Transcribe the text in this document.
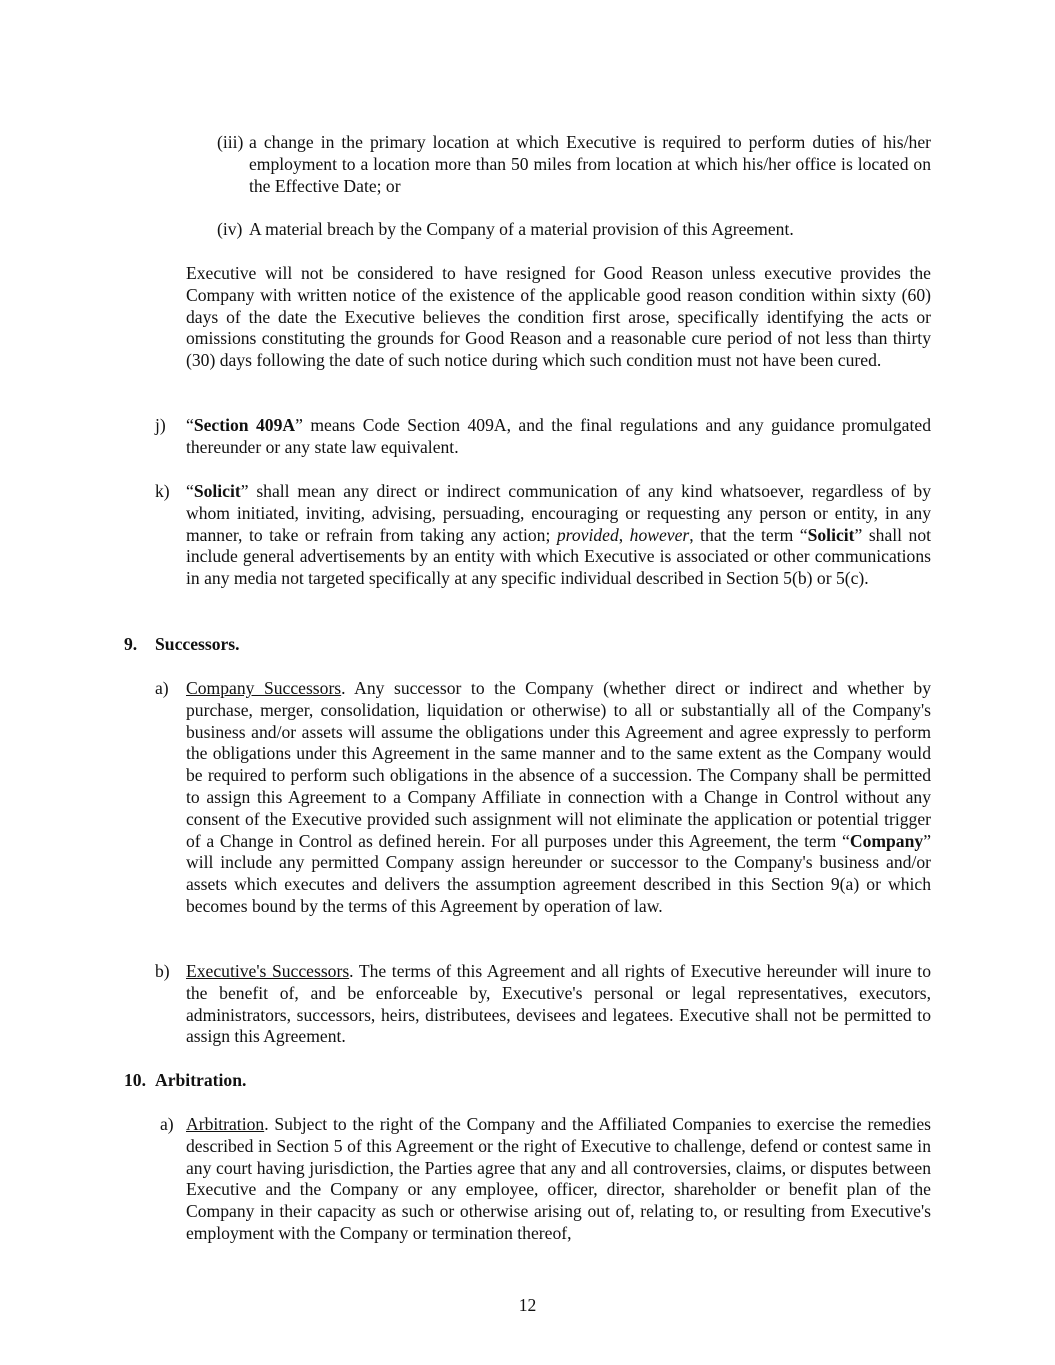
(iii) a change in the primary location at which Executive is required to perform duties of his/her employment to a location more than 50 miles from location at which his/her office is located on the Effective Date; or
(iv) A material breach by the Company of a material provision of this Agreement.
Executive will not be considered to have resigned for Good Reason unless executive provides the Company with written notice of the existence of the applicable good reason condition within sixty (60) days of the date the Executive believes the condition first arose, specifically identifying the acts or omissions constituting the grounds for Good Reason and a reasonable cure period of not less than thirty (30) days following the date of such notice during which such condition must not have been cured.
j) “Section 409A” means Code Section 409A, and the final regulations and any guidance promulgated thereunder or any state law equivalent.
k) “Solicit” shall mean any direct or indirect communication of any kind whatsoever, regardless of by whom initiated, inviting, advising, persuading, encouraging or requesting any person or entity, in any manner, to take or refrain from taking any action; provided, however, that the term “Solicit” shall not include general advertisements by an entity with which Executive is associated or other communications in any media not targeted specifically at any specific individual described in Section 5(b) or 5(c).
9. Successors.
a) Company Successors. Any successor to the Company (whether direct or indirect and whether by purchase, merger, consolidation, liquidation or otherwise) to all or substantially all of the Company's business and/or assets will assume the obligations under this Agreement and agree expressly to perform the obligations under this Agreement in the same manner and to the same extent as the Company would be required to perform such obligations in the absence of a succession. The Company shall be permitted to assign this Agreement to a Company Affiliate in connection with a Change in Control without any consent of the Executive provided such assignment will not eliminate the application or potential trigger of a Change in Control as defined herein. For all purposes under this Agreement, the term “Company” will include any permitted Company assign hereunder or successor to the Company's business and/or assets which executes and delivers the assumption agreement described in this Section 9(a) or which becomes bound by the terms of this Agreement by operation of law.
b) Executive's Successors. The terms of this Agreement and all rights of Executive hereunder will inure to the benefit of, and be enforceable by, Executive's personal or legal representatives, executors, administrators, successors, heirs, distributees, devisees and legatees. Executive shall not be permitted to assign this Agreement.
10. Arbitration.
a) Arbitration. Subject to the right of the Company and the Affiliated Companies to exercise the remedies described in Section 5 of this Agreement or the right of Executive to challenge, defend or contest same in any court having jurisdiction, the Parties agree that any and all controversies, claims, or disputes between Executive and the Company or any employee, officer, director, shareholder or benefit plan of the Company in their capacity as such or otherwise arising out of, relating to, or resulting from Executive's employment with the Company or termination thereof,
12
